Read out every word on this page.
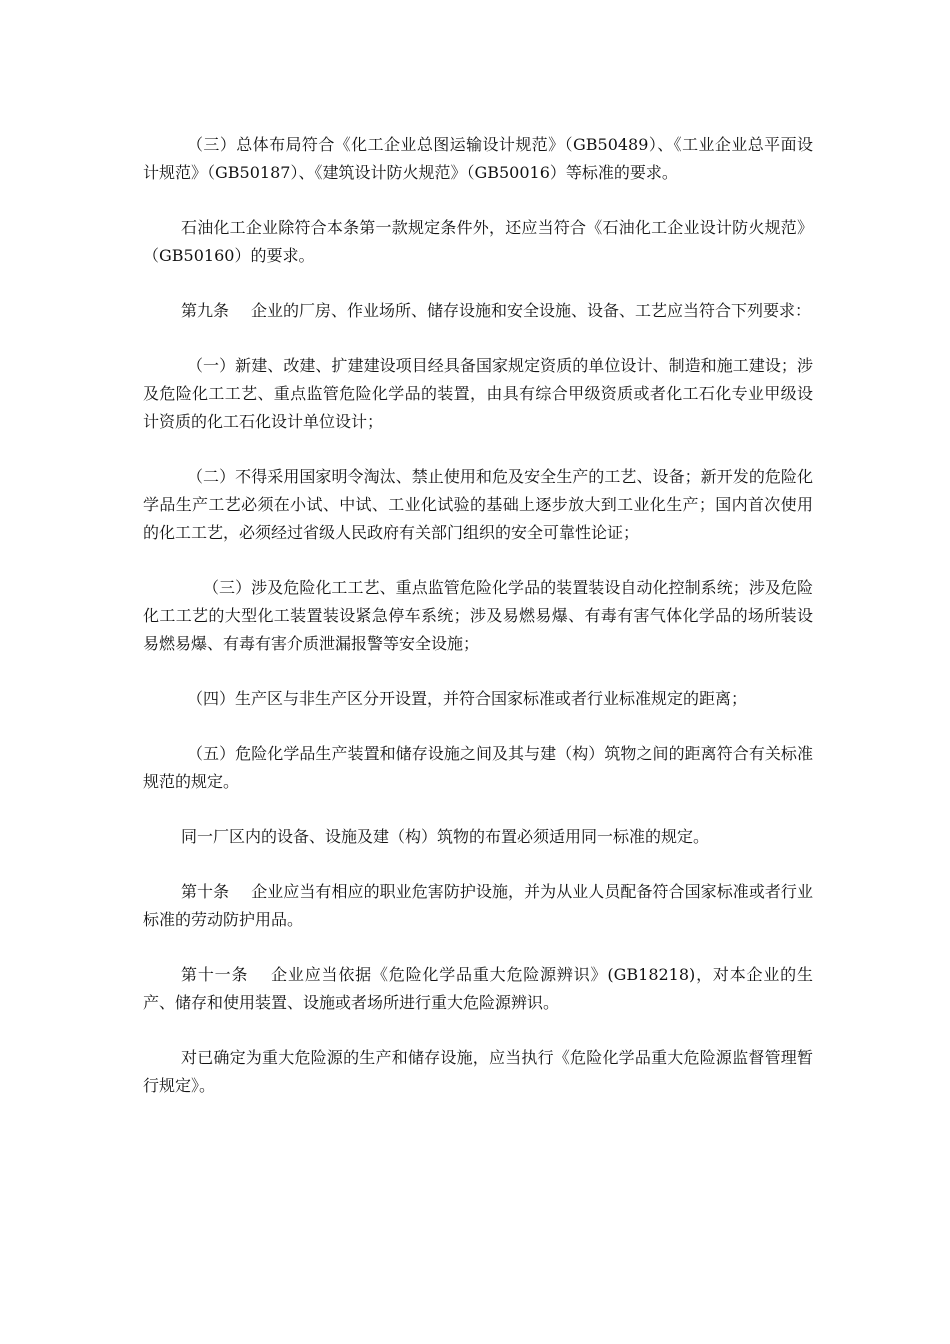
（三）总体布局符合《化工企业总图运输设计规范》（GB50489）、《工业企业总平面设计规范》（GB50187）、《建筑设计防火规范》（GB50016）等标准的要求。

石油化工企业除符合本条第一款规定条件外，还应当符合《石油化工企业设计防火规范》（GB50160）的要求。

第九条 企业的厂房、作业场所、储存设施和安全设施、设备、工艺应当符合下列要求：

（一）新建、改建、扩建建设项目经具备国家规定资质的单位设计、制造和施工建设；涉及危险化工工艺、重点监管危险化学品的装置，由具有综合甲级资质或者化工石化专业甲级设计资质的化工石化设计单位设计；

（二）不得采用国家明令淘汰、禁止使用和危及安全生产的工艺、设备；新开发的危险化学品生产工艺必须在小试、中试、工业化试验的基础上逐步放大到工业化生产；国内首次使用的化工工艺，必须经过省级人民政府有关部门组织的安全可靠性论证；

（三）涉及危险化工工艺、重点监管危险化学品的装置装设自动化控制系统；涉及危险化工工艺的大型化工装置装设紧急停车系统；涉及易燃易爆、有毒有害气体化学品的场所装设易燃易爆、有毒有害介质泄漏报警等安全设施；

（四）生产区与非生产区分开设置，并符合国家标准或者行业标准规定的距离；

（五）危险化学品生产装置和储存设施之间及其与建（构）筑物之间的距离符合有关标准规范的规定。

同一厂区内的设备、设施及建（构）筑物的布置必须适用同一标准的规定。

第十条 企业应当有相应的职业危害防护设施，并为从业人员配备符合国家标准或者行业标准的劳动防护用品。

第十一条 企业应当依据《危险化学品重大危险源辨识》(GB18218)，对本企业的生产、储存和使用装置、设施或者场所进行重大危险源辨识。

对已确定为重大危险源的生产和储存设施，应当执行《危险化学品重大危险源监督管理暂行规定》。
